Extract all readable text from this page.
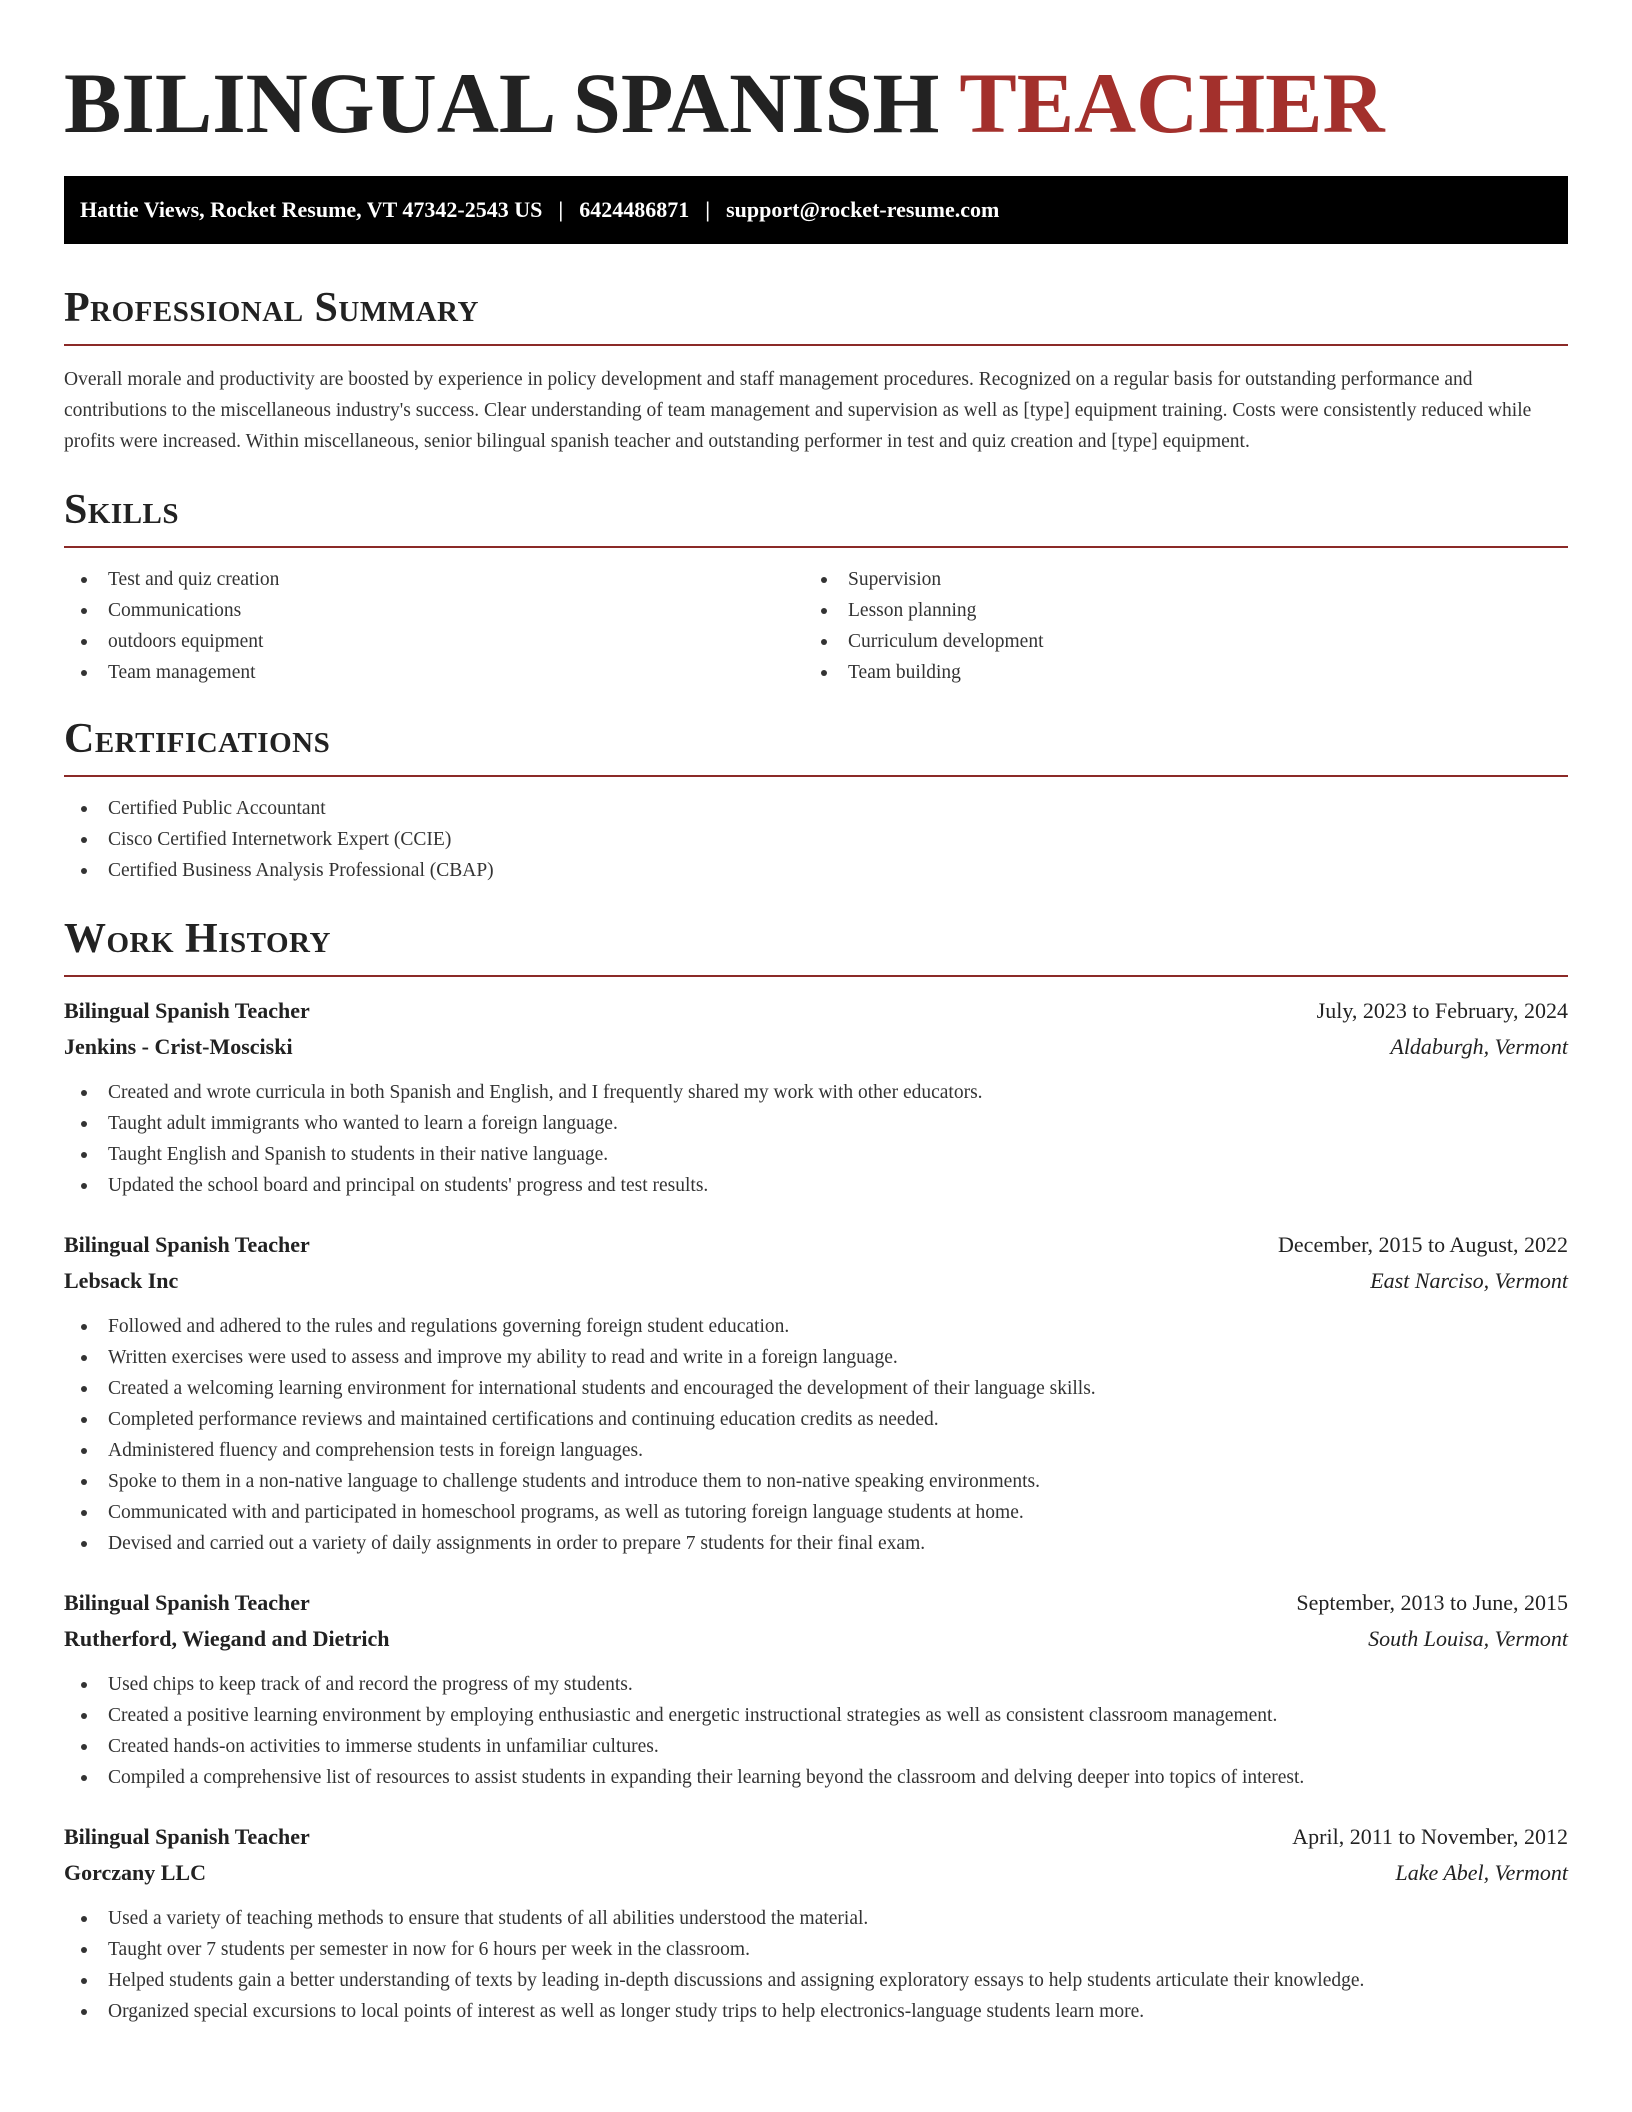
BILINGUAL SPANISH TEACHER
Hattie Views, Rocket Resume, VT 47342-2543 US | 6424486871 | support@rocket-resume.com
Professional Summary

Overall morale and productivity are boosted by experience in policy development and staff management procedures. Recognized on a regular basis for outstanding performance and contributions to the miscellaneous industry's success. Clear understanding of team management and supervision as well as [type] equipment training. Costs were consistently reduced while profits were increased. Within miscellaneous, senior bilingual spanish teacher and outstanding performer in test and quiz creation and [type] equipment.

Skills
Test and quiz creation
Communications
outdoors equipment
Team management
Supervision
Lesson planning
Curriculum development
Team building
Certifications
Certified Public Accountant
Cisco Certified Internetwork Expert (CCIE)
Certified Business Analysis Professional (CBAP)
Work History
Bilingual Spanish Teacher	July, 2023 to February, 2024
Jenkins - Crist-Mosciski	Aldaburgh, Vermont
Created and wrote curricula in both Spanish and English, and I frequently shared my work with other educators.
Taught adult immigrants who wanted to learn a foreign language.
Taught English and Spanish to students in their native language.
Updated the school board and principal on students' progress and test results.
Bilingual Spanish Teacher	December, 2015 to August, 2022
Lebsack Inc	East Narciso, Vermont
Followed and adhered to the rules and regulations governing foreign student education.
Written exercises were used to assess and improve my ability to read and write in a foreign language.
Created a welcoming learning environment for international students and encouraged the development of their language skills.
Completed performance reviews and maintained certifications and continuing education credits as needed.
Administered fluency and comprehension tests in foreign languages.
Spoke to them in a non-native language to challenge students and introduce them to non-native speaking environments.
Communicated with and participated in homeschool programs, as well as tutoring foreign language students at home.
Devised and carried out a variety of daily assignments in order to prepare 7 students for their final exam.
Bilingual Spanish Teacher	September, 2013 to June, 2015
Rutherford, Wiegand and Dietrich	South Louisa, Vermont
Used chips to keep track of and record the progress of my students.
Created a positive learning environment by employing enthusiastic and energetic instructional strategies as well as consistent classroom management.
Created hands-on activities to immerse students in unfamiliar cultures.
Compiled a comprehensive list of resources to assist students in expanding their learning beyond the classroom and delving deeper into topics of interest.
Bilingual Spanish Teacher	April, 2011 to November, 2012
Gorczany LLC	Lake Abel, Vermont
Used a variety of teaching methods to ensure that students of all abilities understood the material.
Taught over 7 students per semester in now for 6 hours per week in the classroom.
Helped students gain a better understanding of texts by leading in-depth discussions and assigning exploratory essays to help students articulate their knowledge.
Organized special excursions to local points of interest as well as longer study trips to help electronics-language students learn more.
